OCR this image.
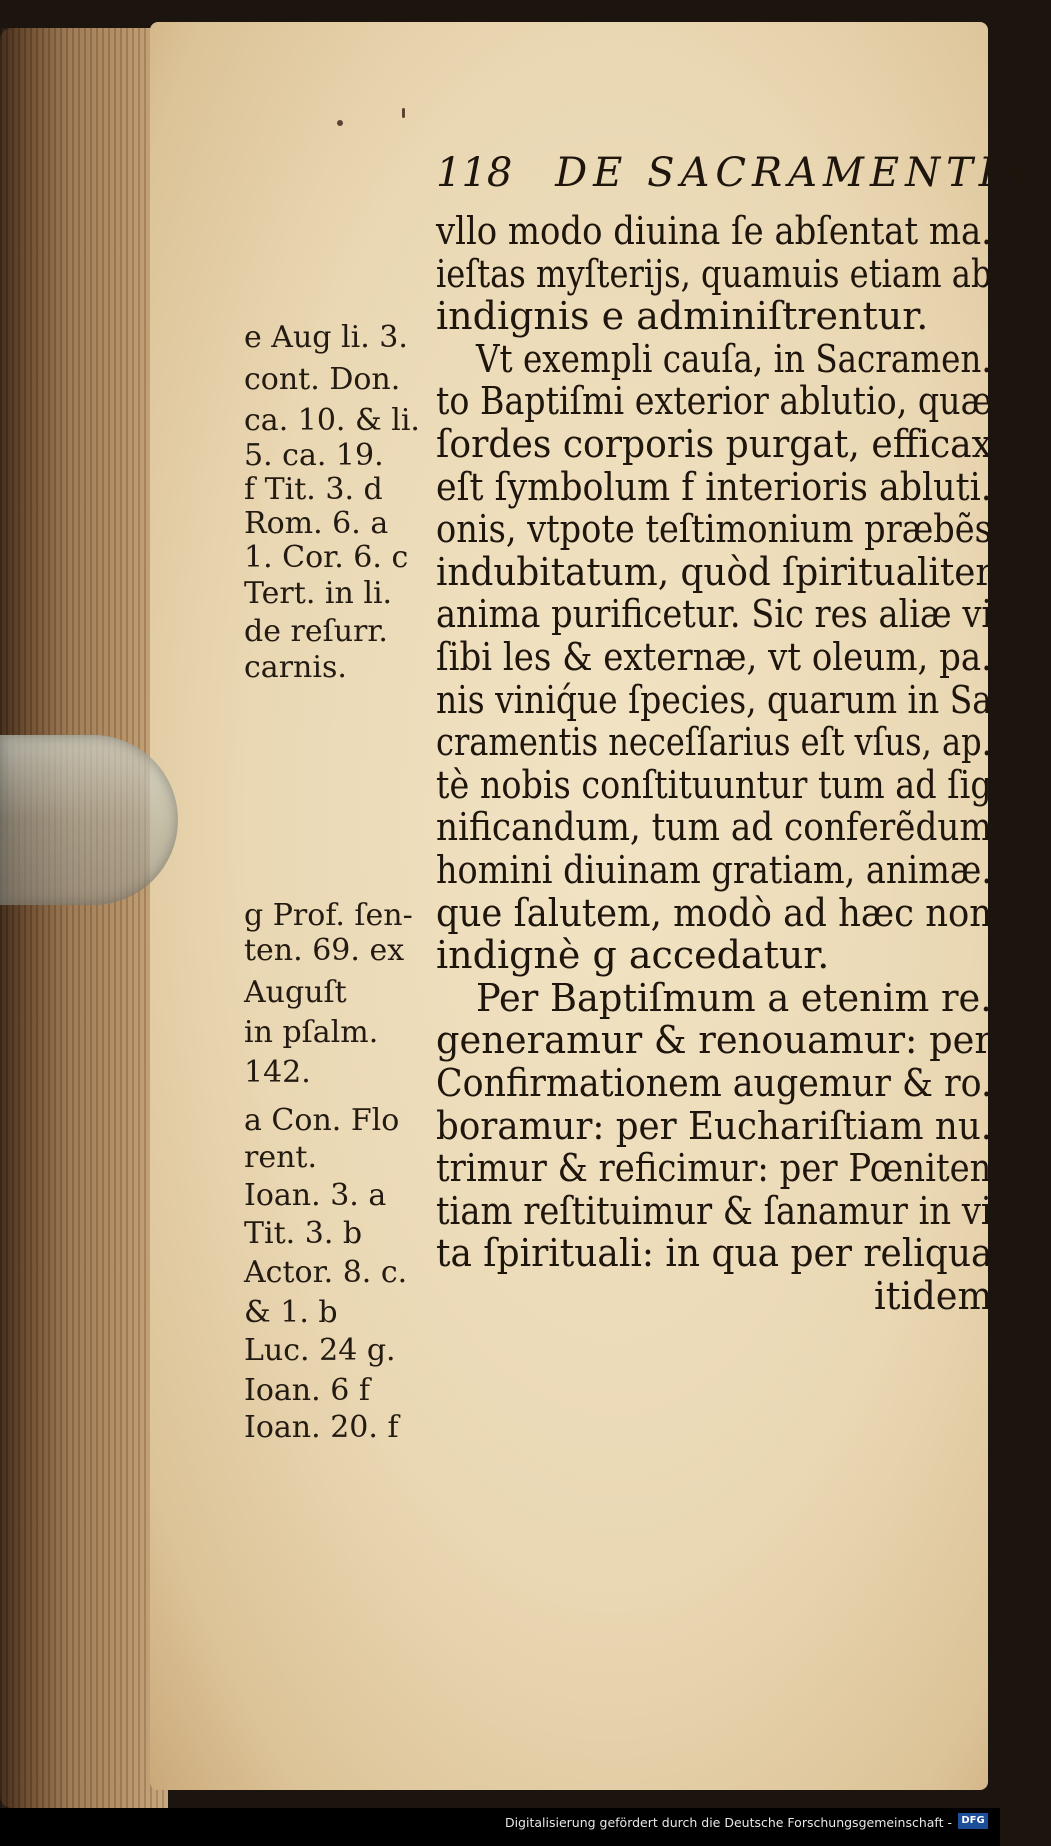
118 DE SACRAMENTIS.
vllo modo diuina ſe abſentat ma.
ieſtas myſterijs, quamuis etiam ab
indignis e adminiſtrentur.
Vt exempli cauſa, in Sacramen.
to Baptiſmi exterior ablutio, quæ
ſordes corporis purgat, efficax
eſt ſymbolum f interioris abluti.
onis, vtpote teſtimonium præbẽs
indubitatum, quòd ſpiritualiter
anima purificetur. Sic res aliæ vi
ſibi les & externæ, vt oleum, pa.
nis viniq́ue ſpecies, quarum in Sa
cramentis neceſſarius eſt vſus, ap.
tè nobis conſtituuntur tum ad ſig
nificandum, tum ad conferẽdum
homini diuinam gratiam, animæ.
que ſalutem, modò ad hæc non
indignè g accedatur.
Per Baptiſmum a etenim re.
generamur & renouamur: per
Confirmationem augemur & ro.
boramur: per Euchariſtiam nu.
trimur & reficimur: per Pœniten
tiam reſtituimur & ſanamur in vi
ta ſpirituali: in qua per reliqua
itidem
e Aug li. 3.
cont. Don.
ca. 10. & li.
5. ca. 19.
f Tit. 3. d
Rom. 6. a
1. Cor. 6. c
Tert. in li.
de reſurr.
carnis.
g Prof. ſen-
ten. 69. ex
Auguſt
in pſalm.
142.
a Con. Flo
rent.
Ioan. 3. a
Tit. 3. b
Actor. 8. c.
& 1. b
Luc. 24 g.
Ioan. 6 f
Ioan. 20. f
Digitalisierung gefördert durch die Deutsche Forschungsgemeinschaft - DFG
